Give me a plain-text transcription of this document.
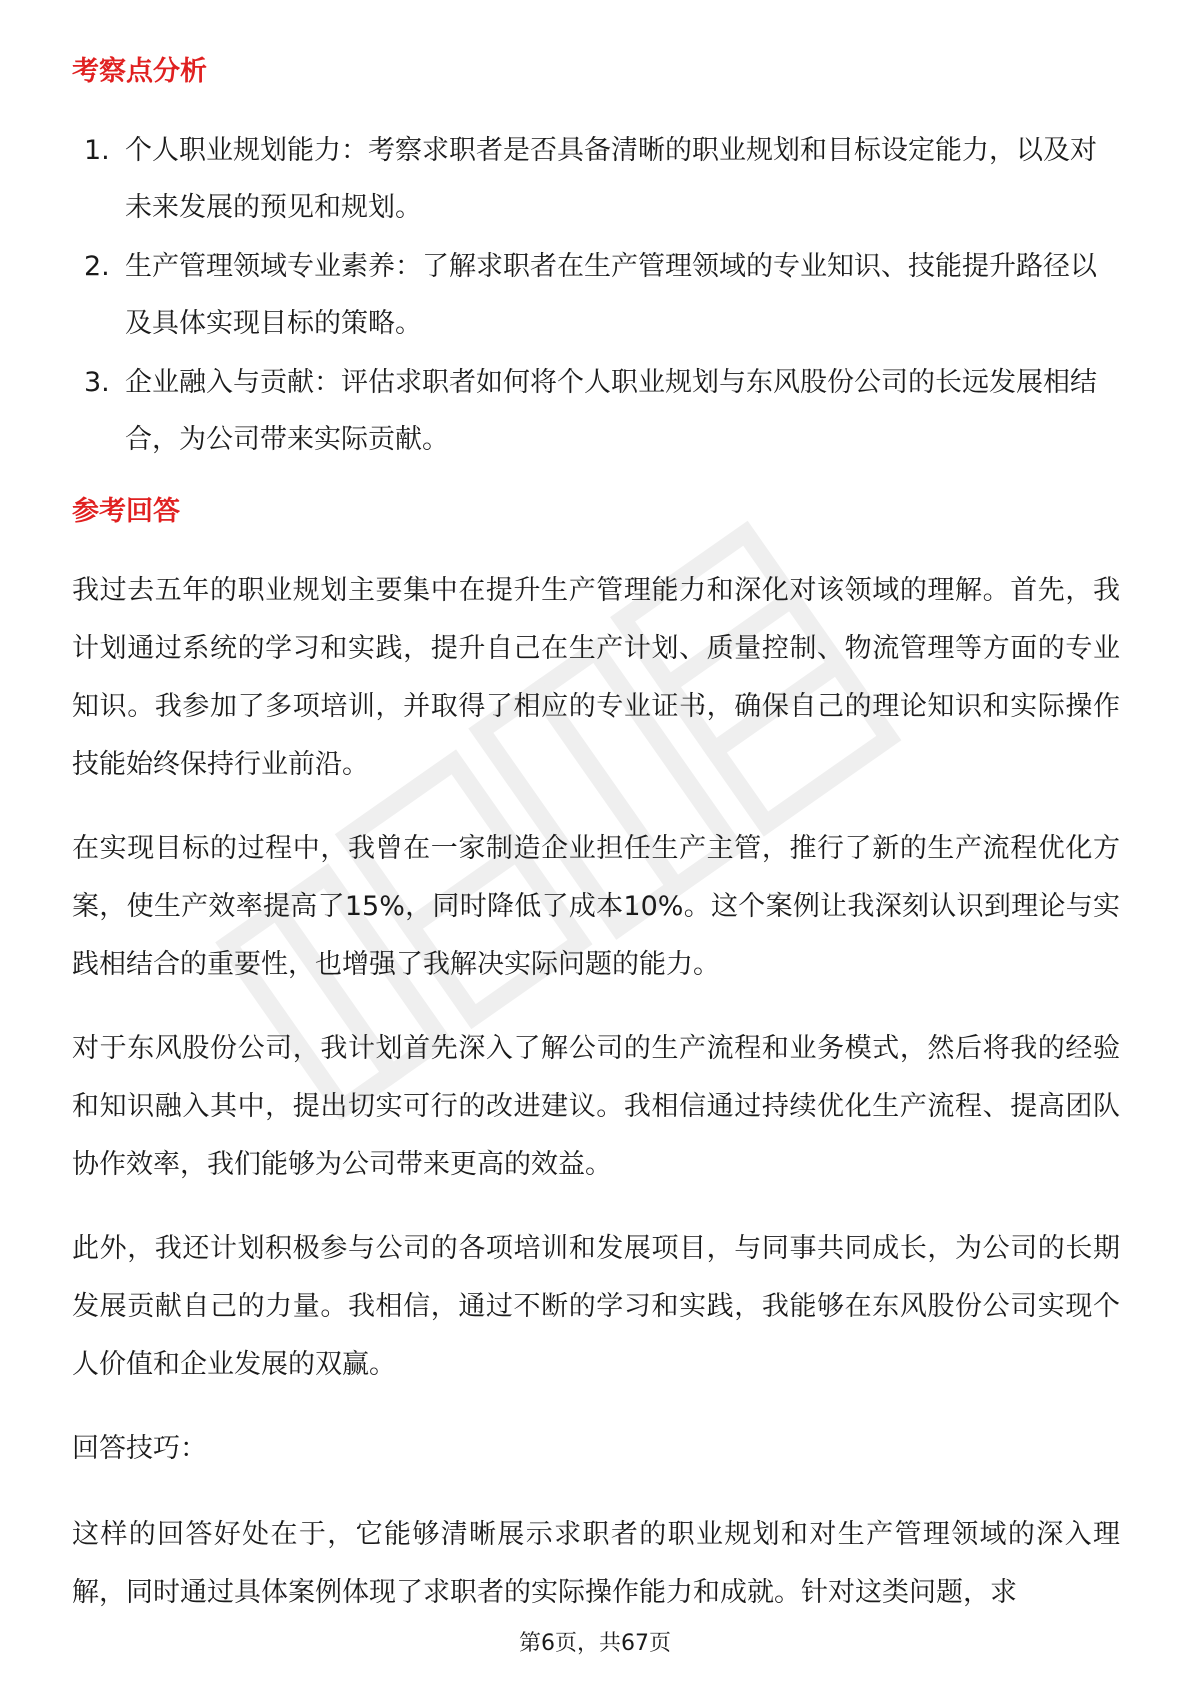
考察点分析
1. 个人职业规划能力：考察求职者是否具备清晰的职业规划和目标设定能力，以及对未来发展的预见和规划。
2. 生产管理领域专业素养：了解求职者在生产管理领域的专业知识、技能提升路径以及具体实现目标的策略。
3. 企业融入与贡献：评估求职者如何将个人职业规划与东风股份公司的长远发展相结合，为公司带来实际贡献。
参考回答

我过去五年的职业规划主要集中在提升生产管理能力和深化对该领域的理解。首先，我计划通过系统的学习和实践，提升自己在生产计划、质量控制、物流管理等方面的专业知识。我参加了多项培训，并取得了相应的专业证书，确保自己的理论知识和实际操作技能始终保持行业前沿。

在实现目标的过程中，我曾在一家制造企业担任生产主管，推行了新的生产流程优化方案，使生产效率提高了15%，同时降低了成本10%。这个案例让我深刻认识到理论与实践相结合的重要性，也增强了我解决实际问题的能力。

对于东风股份公司，我计划首先深入了解公司的生产流程和业务模式，然后将我的经验和知识融入其中，提出切实可行的改进建议。我相信通过持续优化生产流程、提高团队协作效率，我们能够为公司带来更高的效益。

此外，我还计划积极参与公司的各项培训和发展项目，与同事共同成长，为公司的长期发展贡献自己的力量。我相信，通过不断的学习和实践，我能够在东风股份公司实现个人价值和企业发展的双赢。

回答技巧：

这样的回答好处在于，它能够清晰展示求职者的职业规划和对生产管理领域的深入理解，同时通过具体案例体现了求职者的实际操作能力和成就。针对这类问题，求

第6页，共67页
